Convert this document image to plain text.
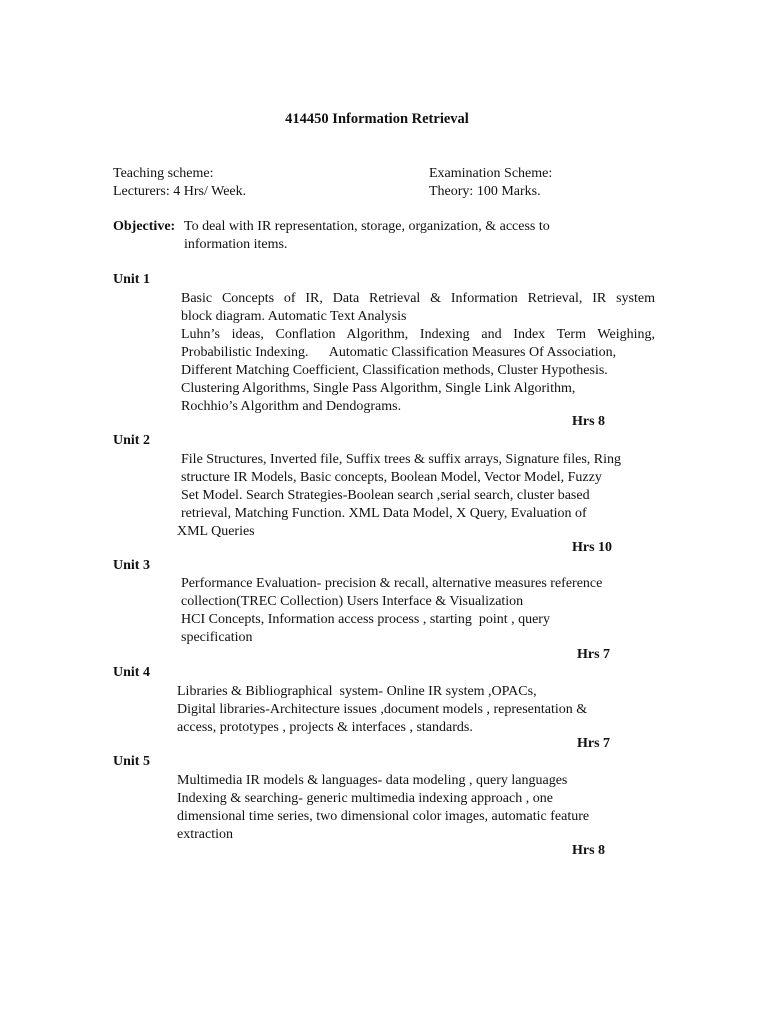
414450 Information Retrieval
Teaching scheme:
Lecturers: 4 Hrs/ Week.
Examination Scheme:
Theory: 100 Marks.
Objective: To deal with IR representation, storage, organization, & access to
information items.
Unit 1
Basic Concepts of IR, Data Retrieval & Information Retrieval, IR system
block diagram. Automatic Text Analysis
Luhn’s ideas, Conflation Algorithm, Indexing and Index Term Weighing,
Probabilistic Indexing.      Automatic Classification Measures Of Association,
Different Matching Coefficient, Classification methods, Cluster Hypothesis.
Clustering Algorithms, Single Pass Algorithm, Single Link Algorithm,
Rochhio’s Algorithm and Dendograms.
Hrs 8
Unit 2
File Structures, Inverted file, Suffix trees & suffix arrays, Signature files, Ring
structure IR Models, Basic concepts, Boolean Model, Vector Model, Fuzzy
Set Model. Search Strategies-Boolean search ,serial search, cluster based
retrieval, Matching Function. XML Data Model, X Query, Evaluation of
XML Queries
Hrs 10
Unit 3
Performance Evaluation- precision & recall, alternative measures reference
collection(TREC Collection) Users Interface & Visualization
HCI Concepts, Information access process , starting  point , query
specification
Hrs 7
Unit 4
Libraries & Bibliographical  system- Online IR system ,OPACs,
Digital libraries-Architecture issues ,document models , representation &
access, prototypes , projects & interfaces , standards.
Hrs 7
Unit 5
Multimedia IR models & languages- data modeling , query languages
Indexing & searching- generic multimedia indexing approach , one
dimensional time series, two dimensional color images, automatic feature
extraction
Hrs 8
